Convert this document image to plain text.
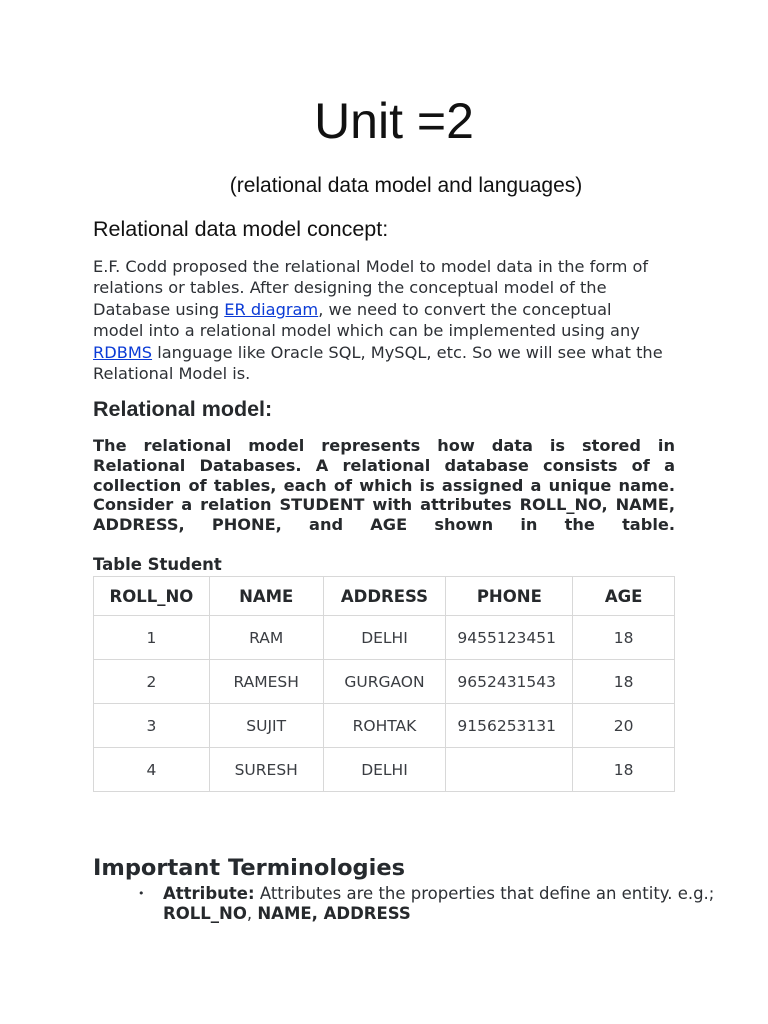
Unit =2
(relational data model and languages)
Relational data model concept:
E.F. Codd proposed the relational Model to model data in the form of relations or tables. After designing the conceptual model of the Database using ER diagram, we need to convert the conceptual model into a relational model which can be implemented using any RDBMS language like Oracle SQL, MySQL, etc. So we will see what the Relational Model is.
Relational model:
The relational model represents how data is stored in Relational Databases. A relational database consists of a collection of tables, each of which is assigned a unique name. Consider a relation STUDENT with attributes ROLL_NO, NAME, ADDRESS, PHONE, and AGE shown in the table.
Table Student
ROLL_NO	NAME	ADDRESS	PHONE	AGE
1	RAM	DELHI	9455123451	18
2	RAMESH	GURGAON	9652431543	18
3	SUJIT	ROHTAK	9156253131	20
4	SURESH	DELHI		18
Important Terminologies
• Attribute: Attributes are the properties that define an entity. e.g.; ROLL_NO, NAME, ADDRESS
